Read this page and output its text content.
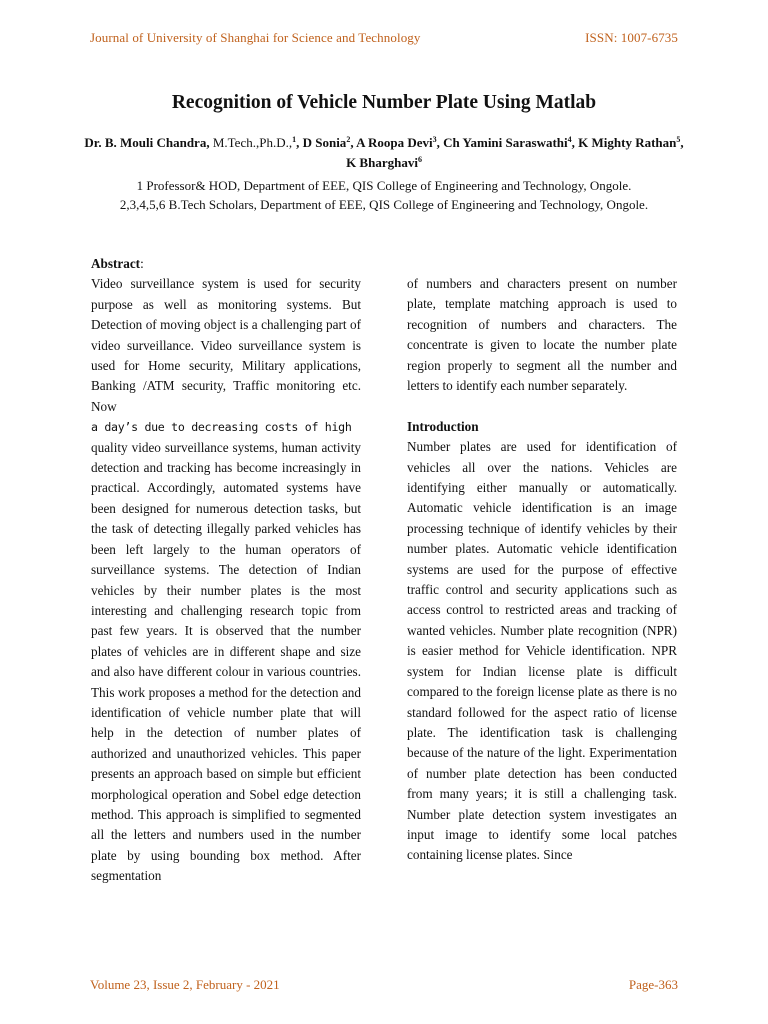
Journal of University of Shanghai for Science and Technology	ISSN: 1007-6735
Recognition of Vehicle Number Plate Using Matlab
Dr. B. Mouli Chandra, M.Tech.,Ph.D.,$^1$, D Sonia$^2$, A Roopa Devi$^3$, Ch Yamini Saraswathi$^4$, K Mighty Rathan$^5$, K Bharghavi$^6$
1 Professor& HOD, Department of EEE, QIS College of Engineering and Technology, Ongole.
2,3,4,5,6 B.Tech Scholars, Department of EEE, QIS College of Engineering and Technology, Ongole.

Abstract:

Video surveillance system is used for security purpose as well as monitoring systems. But Detection of moving object is a challenging part of video surveillance. Video surveillance system is used for Home security, Military applications, Banking /ATM security, Traffic monitoring etc. Now

a day’s due to decreasing costs of high

quality video surveillance systems, human activity detection and tracking has become increasingly in practical. Accordingly, automated systems have been designed for numerous detection tasks, but the task of detecting illegally parked vehicles has been left largely to the human operators of surveillance systems. The detection of Indian vehicles by their number plates is the most interesting and challenging research topic from past few years. It is observed that the number plates of vehicles are in different shape and size and also have different colour in various countries. This work proposes a method for the detection and identification of vehicle number plate that will help in the detection of number plates of authorized and unauthorized vehicles. This paper presents an approach based on simple but efficient morphological operation and Sobel edge detection method. This approach is simplified to segmented all the letters and numbers used in the number plate by using bounding box method. After segmentation

of numbers and characters present on number plate, template matching approach is used to recognition of numbers and characters. The concentrate is given to locate the number plate region properly to segment all the number and letters to identify each number separately.

Introduction

Number plates are used for identification of vehicles all over the nations. Vehicles are identifying either manually or automatically. Automatic vehicle identification is an image processing technique of identify vehicles by their number plates. Automatic vehicle identification systems are used for the purpose of effective traffic control and security applications such as access control to restricted areas and tracking of wanted vehicles. Number plate recognition (NPR) is easier method for Vehicle identification. NPR system for Indian license plate is difficult compared to the foreign license plate as there is no standard followed for the aspect ratio of license plate. The identification task is challenging because of the nature of the light. Experimentation of number plate detection has been conducted from many years; it is still a challenging task. Number plate detection system investigates an input image to identify some local patches containing license plates. Since

Volume 23, Issue 2, February - 2021	Page-363
